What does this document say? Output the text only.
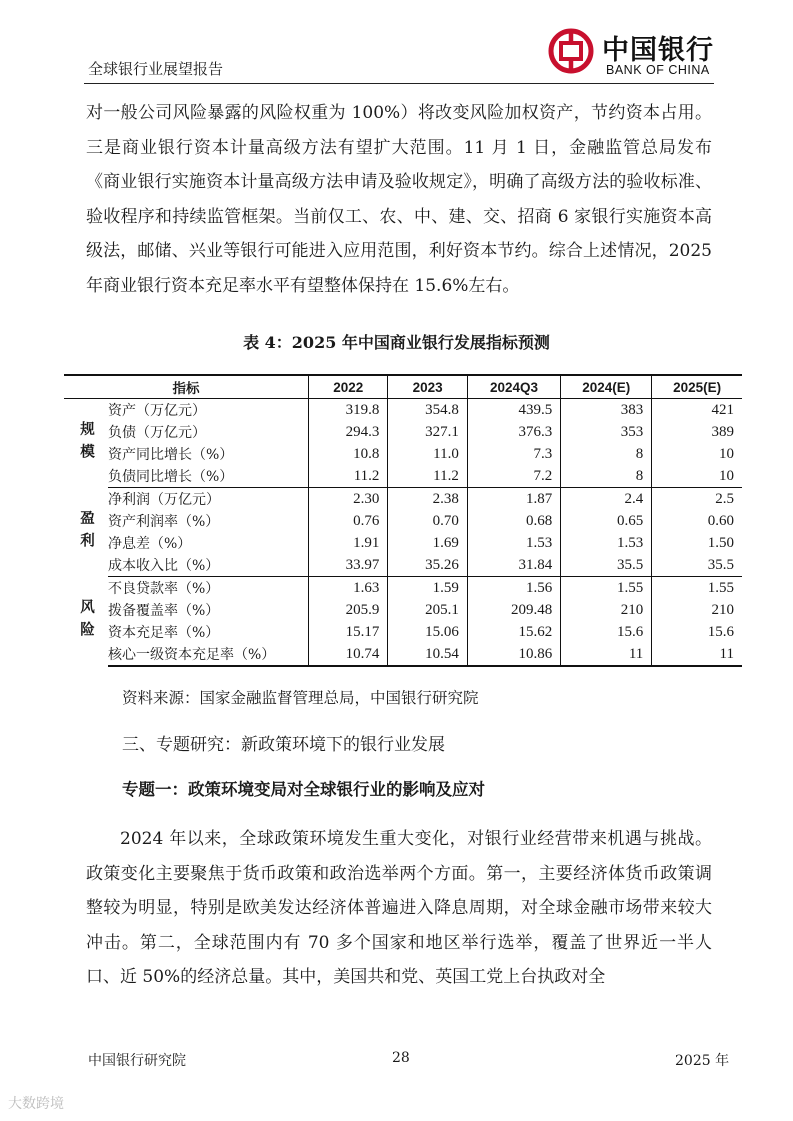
全球银行业展望报告
中国银行
BANK OF CHINA
对一般公司风险暴露的风险权重为 100%）将改变风险加权资产，节约资本占用。三是商业银行资本计量高级方法有望扩大范围。11 月 1 日，金融监管总局发布《商业银行实施资本计量高级方法申请及验收规定》，明确了高级方法的验收标准、验收程序和持续监管框架。当前仅工、农、中、建、交、招商 6 家银行实施资本高级法，邮储、兴业等银行可能进入应用范围，利好资本节约。综合上述情况，2025 年商业银行资本充足率水平有望整体保持在 15.6%左右。
表 4：2025 年中国商业银行发展指标预测
指标		2022	2023	2024Q3	2024(E)	2025(E)
规模	资产（万亿元）	319.8	354.8	439.5	383	421
	负债（万亿元）	294.3	327.1	376.3	353	389
	资产同比增长（%）	10.8	11.0	7.3	8	10
	负债同比增长（%）	11.2	11.2	7.2	8	10
盈利	净利润（万亿元）	2.30	2.38	1.87	2.4	2.5
	资产利润率（%）	0.76	0.70	0.68	0.65	0.60
	净息差（%）	1.91	1.69	1.53	1.53	1.50
	成本收入比（%）	33.97	35.26	31.84	35.5	35.5
风险	不良贷款率（%）	1.63	1.59	1.56	1.55	1.55
	拨备覆盖率（%）	205.9	205.1	209.48	210	210
	资本充足率（%）	15.17	15.06	15.62	15.6	15.6
	核心一级资本充足率（%）	10.74	10.54	10.86	11	11
资料来源：国家金融监督管理总局，中国银行研究院
三、专题研究：新政策环境下的银行业发展
专题一：政策环境变局对全球银行业的影响及应对
2024 年以来，全球政策环境发生重大变化，对银行业经营带来机遇与挑战。政策变化主要聚焦于货币政策和政治选举两个方面。第一，主要经济体货币政策调整较为明显，特别是欧美发达经济体普遍进入降息周期，对全球金融市场带来较大冲击。第二，全球范围内有 70 多个国家和地区举行选举，覆盖了世界近一半人口、近 50%的经济总量。其中，美国共和党、英国工党上台执政对全
中国银行研究院	28	2025 年
大数跨境
